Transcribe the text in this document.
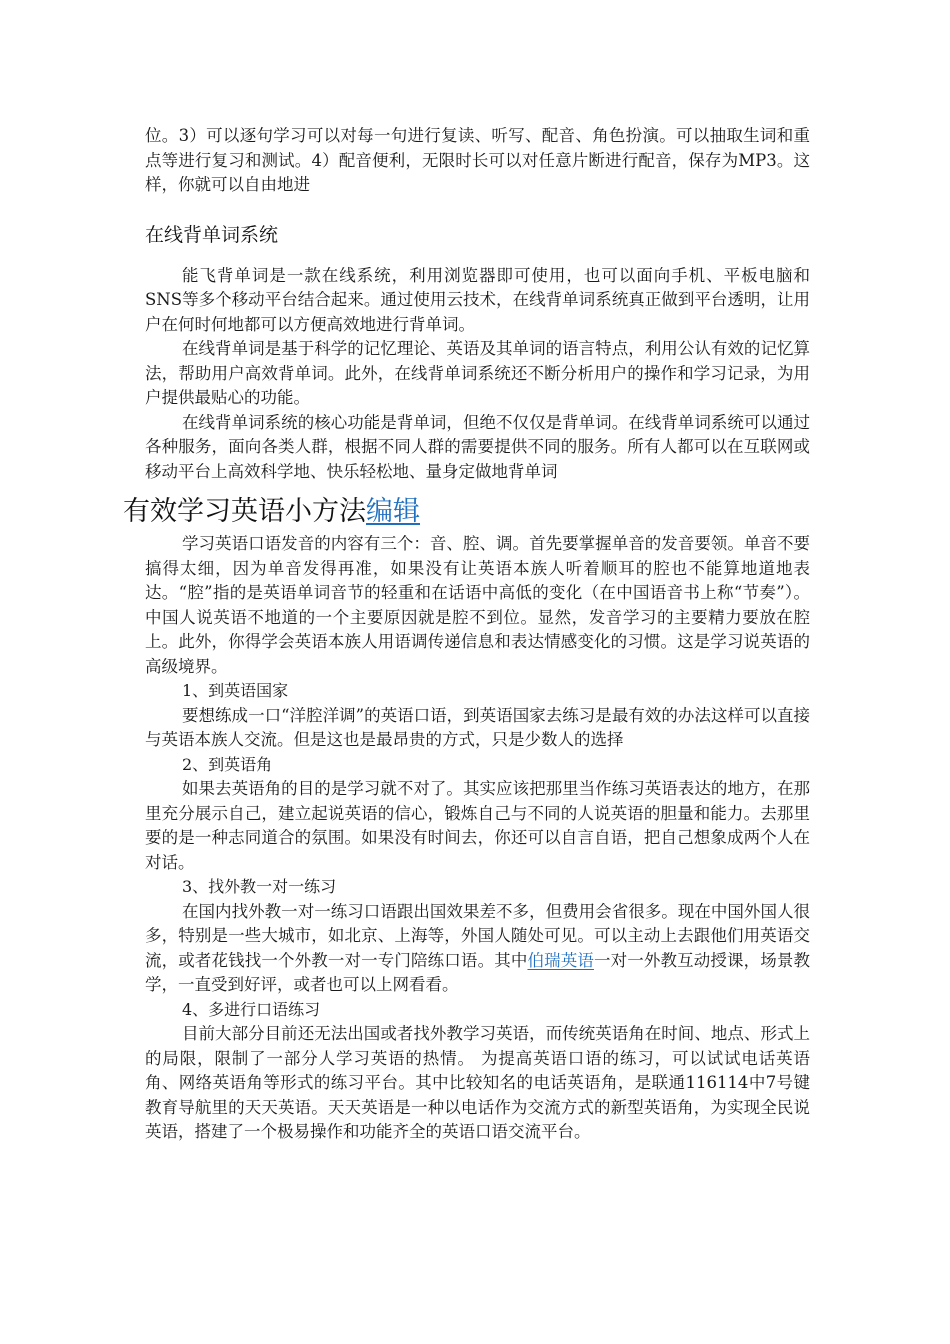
位。3）可以逐句学习可以对每一句进行复读、听写、配音、角色扮演。可以抽取生词和重点等进行复习和测试。4）配音便利，无限时长可以对任意片断进行配音，保存为MP3。这样，你就可以自由地进

在线背单词系统

能飞背单词是一款在线系统，利用浏览器即可使用，也可以面向手机、平板电脑和SNS等多个移动平台结合起来。通过使用云技术，在线背单词系统真正做到平台透明，让用户在何时何地都可以方便高效地进行背单词。

在线背单词是基于科学的记忆理论、英语及其单词的语言特点，利用公认有效的记忆算法，帮助用户高效背单词。此外，在线背单词系统还不断分析用户的操作和学习记录，为用户提供最贴心的功能。

在线背单词系统的核心功能是背单词，但绝不仅仅是背单词。在线背单词系统可以通过各种服务，面向各类人群，根据不同人群的需要提供不同的服务。所有人都可以在互联网或移动平台上高效科学地、快乐轻松地、量身定做地背单词

有效学习英语小方法编辑

学习英语口语发音的内容有三个：音、腔、调。首先要掌握单音的发音要领。单音不要搞得太细，因为单音发得再准，如果没有让英语本族人听着顺耳的腔也不能算地道地表达。“腔”指的是英语单词音节的轻重和在话语中高低的变化（在中国语音书上称“节奏”）。中国人说英语不地道的一个主要原因就是腔不到位。显然，发音学习的主要精力要放在腔上。此外，你得学会英语本族人用语调传递信息和表达情感变化的习惯。这是学习说英语的高级境界。

1、到英语国家

要想练成一口“洋腔洋调”的英语口语，到英语国家去练习是最有效的办法这样可以直接与英语本族人交流。但是这也是最昂贵的方式，只是少数人的选择

2、到英语角

如果去英语角的目的是学习就不对了。其实应该把那里当作练习英语表达的地方，在那里充分展示自己，建立起说英语的信心，锻炼自己与不同的人说英语的胆量和能力。去那里要的是一种志同道合的氛围。如果没有时间去，你还可以自言自语，把自己想象成两个人在对话。

3、找外教一对一练习

在国内找外教一对一练习口语跟出国效果差不多，但费用会省很多。现在中国外国人很多，特别是一些大城市，如北京、上海等，外国人随处可见。可以主动上去跟他们用英语交流，或者花钱找一个外教一对一专门陪练口语。其中伯瑞英语一对一外教互动授课，场景教学，一直受到好评，或者也可以上网看看。

4、多进行口语练习

目前大部分目前还无法出国或者找外教学习英语，而传统英语角在时间、地点、形式上的局限，限制了一部分人学习英语的热情。 为提高英语口语的练习，可以试试电话英语角、网络英语角等形式的练习平台。其中比较知名的电话英语角，是联通116114中7号键教育导航里的天天英语。天天英语是一种以电话作为交流方式的新型英语角，为实现全民说英语，搭建了一个极易操作和功能齐全的英语口语交流平台。
